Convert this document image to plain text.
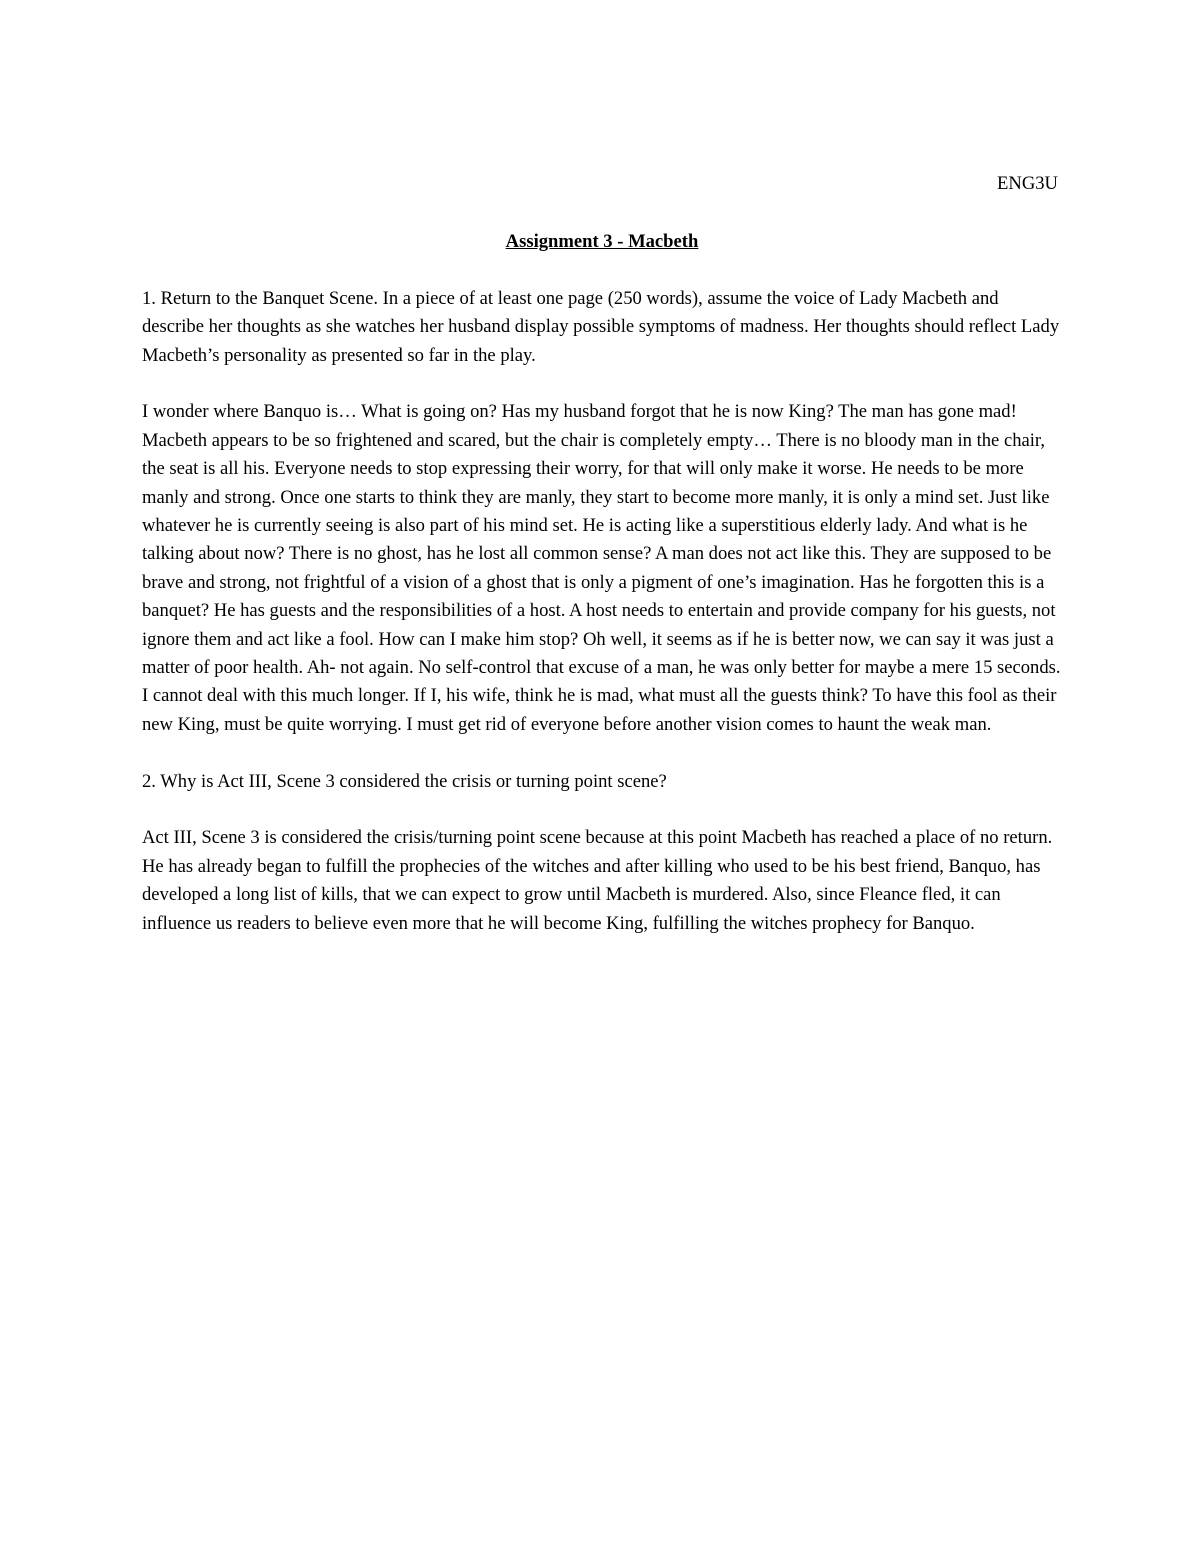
ENG3U

Assignment 3 - Macbeth

1. Return to the Banquet Scene. In a piece of at least one page (250 words), assume the voice of Lady Macbeth and describe her thoughts as she watches her husband display possible symptoms of madness. Her thoughts should reflect Lady Macbeth’s personality as presented so far in the play.

I wonder where Banquo is… What is going on? Has my husband forgot that he is now King? The man has gone mad! Macbeth appears to be so frightened and scared, but the chair is completely empty… There is no bloody man in the chair, the seat is all his. Everyone needs to stop expressing their worry, for that will only make it worse. He needs to be more manly and strong. Once one starts to think they are manly, they start to become more manly, it is only a mind set. Just like whatever he is currently seeing is also part of his mind set. He is acting like a superstitious elderly lady. And what is he talking about now? There is no ghost, has he lost all common sense? A man does not act like this. They are supposed to be brave and strong, not frightful of a vision of a ghost that is only a pigment of one’s imagination. Has he forgotten this is a banquet? He has guests and the responsibilities of a host. A host needs to entertain and provide company for his guests, not ignore them and act like a fool. How can I make him stop? Oh well, it seems as if he is better now, we can say it was just a matter of poor health. Ah- not again. No self-control that excuse of a man, he was only better for maybe a mere 15 seconds. I cannot deal with this much longer. If I, his wife, think he is mad, what must all the guests think? To have this fool as their new King, must be quite worrying. I must get rid of everyone before another vision comes to haunt the weak man.

2. Why is Act III, Scene 3 considered the crisis or turning point scene?

Act III, Scene 3 is considered the crisis/turning point scene because at this point Macbeth has reached a place of no return. He has already began to fulfill the prophecies of the witches and after killing who used to be his best friend, Banquo, has developed a long list of kills, that we can expect to grow until Macbeth is murdered. Also, since Fleance fled, it can influence us readers to believe even more that he will become King, fulfilling the witches prophecy for Banquo.
